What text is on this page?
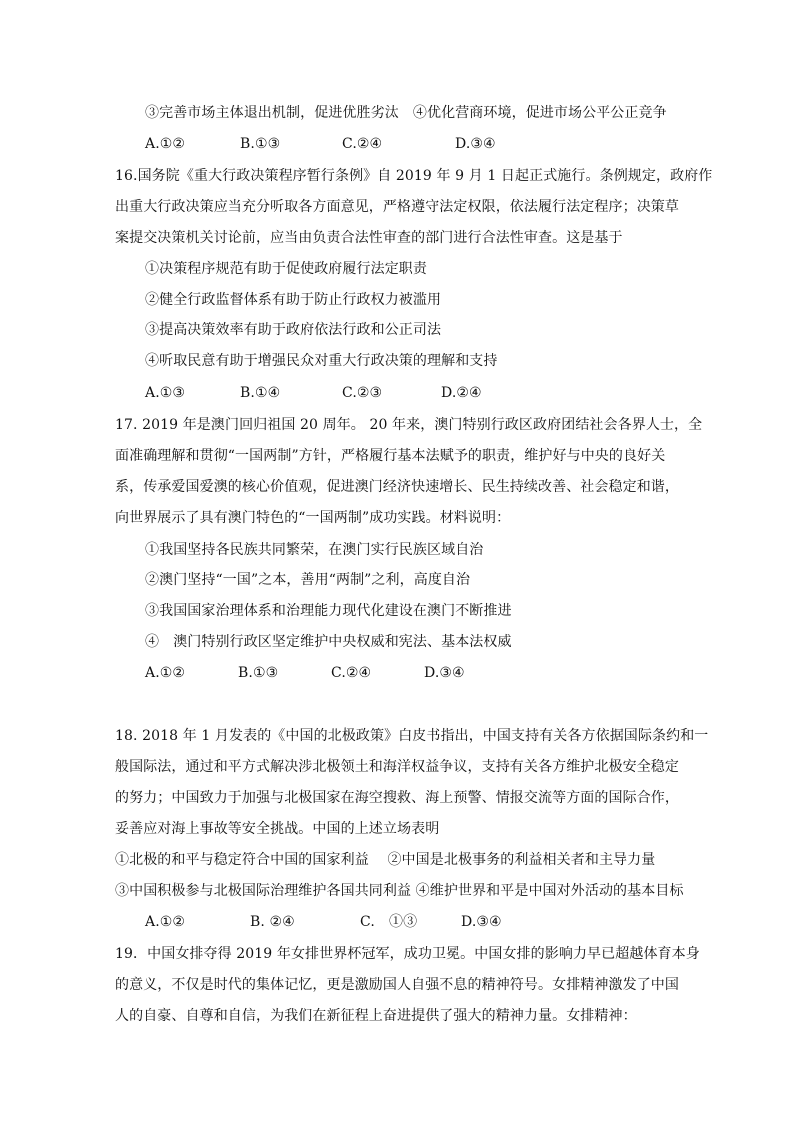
③完善市场主体退出机制，促进优胜劣汰　④优化营商环境，促进市场公平公正竞争
A.①②	B.①③	C.②④	D.③④
16.国务院《重大行政决策程序暂行条例》自 2019 年 9 月 1 日起正式施行。条例规定，政府作
出重大行政决策应当充分听取各方面意见，严格遵守法定权限，依法履行法定程序；决策草
案提交决策机关讨论前，应当由负责合法性审查的部门进行合法性审查。这是基于
①决策程序规范有助于促使政府履行法定职责
②健全行政监督体系有助于防止行政权力被滥用
③提高决策效率有助于政府依法行政和公正司法
④听取民意有助于增强民众对重大行政决策的理解和支持
A.①③	B.①④	C.②③	D.②④
17. 2019 年是澳门回归祖国 20 周年。 20 年来，澳门特别行政区政府团结社会各界人士，全
面准确理解和贯彻“一国两制”方针，严格履行基本法赋予的职责，维护好与中央的良好关
系，传承爱国爱澳的核心价值观，促进澳门经济快速增长、民生持续改善、社会稳定和谐，
向世界展示了具有澳门特色的“一国两制”成功实践。材料说明：
①我国坚持各民族共同繁荣，在澳门实行民族区域自治
②澳门坚持“一国”之本，善用“两制”之利，高度自治
③我国国家治理体系和治理能力现代化建设在澳门不断推进
④　澳门特别行政区坚定维护中央权威和宪法、基本法权威
A.①②	B.①③	C.②④	D.③④
18. 2018 年 1 月发表的《中国的北极政策》白皮书指出，中国支持有关各方依据国际条约和一
般国际法，通过和平方式解决涉北极领土和海洋权益争议，支持有关各方维护北极安全稳定
的努力；中国致力于加强与北极国家在海空搜救、海上预警、情报交流等方面的国际合作，
妥善应对海上事故等安全挑战。中国的上述立场表明
①北极的和平与稳定符合中国的国家利益　 ②中国是北极事务的利益相关者和主导力量
③中国积极参与北极国际治理维护各国共同利益 ④维护世界和平是中国对外活动的基本目标
A.①②	B. ②④	C.　①③	D.③④
19．中国女排夺得 2019 年女排世界杯冠军，成功卫冕。中国女排的影响力早已超越体育本身
的意义，不仅是时代的集体记忆，更是激励国人自强不息的精神符号。女排精神激发了中国
人的自豪、自尊和自信，为我们在新征程上奋进提供了强大的精神力量。女排精神：
